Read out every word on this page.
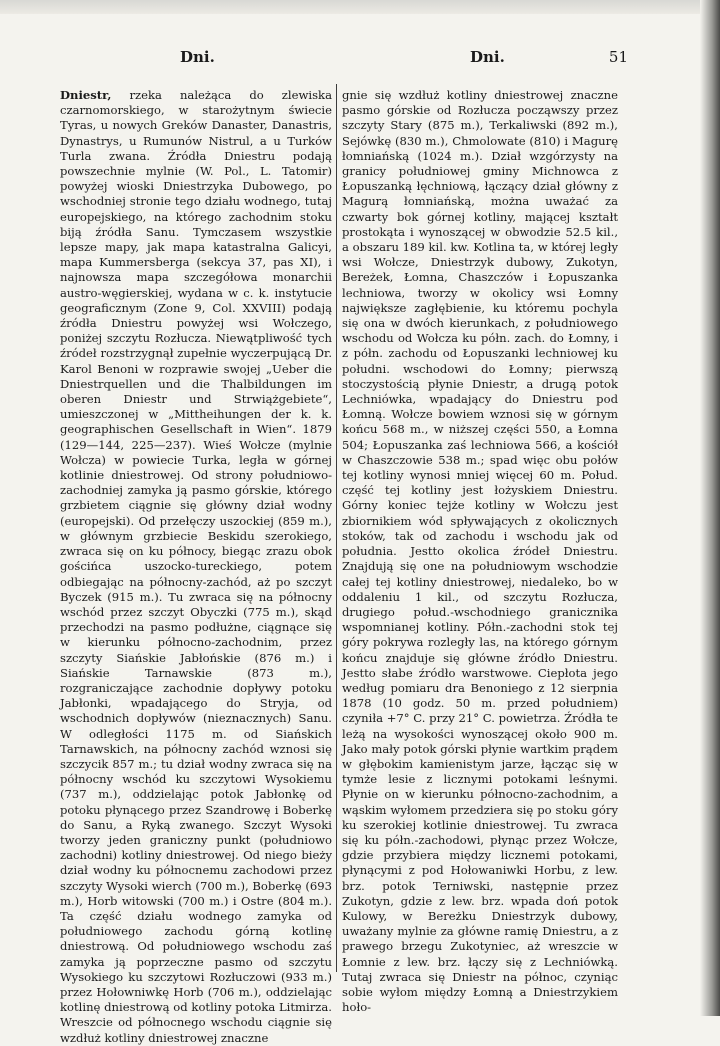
Dni.	Dni.	51

Dniestr, rzeka należąca do zlewiska czarnomorskiego, w starożytnym świecie Tyras, u nowych Greków Danaster, Danastris, Dynastrys, u Rumunów Nistrul, a u Turków Turla zwana. Źródła Dniestru podają powszechnie mylnie (W. Pol., L. Tatomir) powyżej wioski Dniestrzyka Dubowego, po wschodniej stronie tego działu wodnego, tutaj europejskiego, na którego zachodnim stoku biją źródła Sanu. Tymczasem wszystkie lepsze mapy, jak mapa katastralna Galicyi, mapa Kummersberga (sekcya 37, pas XI), i najnowsza mapa szczegółowa monarchii austro-węgierskiej, wydana w c. k. instytucie geograficznym (Zone 9, Col. XXVIII) podają źródła Dniestru powyżej wsi Wołczego, poniżej szczytu Rozłucza. Niewątpliwość tych źródeł rozstrzygnął zupełnie wyczerpującą Dr. Karol Benoni w rozprawie swojej „Ueber die Dniestrquellen und die Thalbildungen im oberen Dniestr und Strwiążgebiete“, umieszczonej w „Mittheihungen der k. k. geographischen Gesellschaft in Wien“. 1879 (129—144, 225—237). Wieś Wołcze (mylnie Wołcza) w powiecie Turka, legła w górnej kotlinie dniestrowej. Od strony południowo-zachodniej zamyka ją pasmo górskie, którego grzbietem ciągnie się główny dział wodny (europejski). Od przełęczy uszockiej (859 m.), w głównym grzbiecie Beskidu szerokiego, zwraca się on ku północy, biegąc zrazu obok gościńca uszocko-tureckiego, potem odbiegając na północny-zachód, aż po szczyt Byczek (915 m.). Tu zwraca się na północny wschód przez szczyt Obyczki (775 m.), skąd przechodzi na pasmo podłużne, ciągnące się w kierunku północno-zachodnim, przez szczyty Siańskie Jabłońskie (876 m.) i Siańskie Tarnawskie (873 m.), rozgraniczające zachodnie dopływy potoku Jabłonki, wpadającego do Stryja, od wschodnich dopływów (nieznacznych) Sanu. W odległości 1175 m. od Siańskich Tarnawskich, na północny zachód wznosi się szczycik 857 m.; tu dział wodny zwraca się na północny wschód ku szczytowi Wysokiemu (737 m.), oddzielając potok Jabłonkę od potoku płynącego przez Szandrowę i Boberkę do Sanu, a Ryką zwanego. Szczyt Wysoki tworzy jeden graniczny punkt (południowo zachodni) kotliny dniestrowej. Od niego bieży dział wodny ku północnemu zachodowi przez szczyty Wysoki wierch (700 m.), Boberkę (693 m.), Horb witowski (700 m.) i Ostre (804 m.). Ta część działu wodnego zamyka od południowego zachodu górną kotlinę dniestrową. Od południowego wschodu zaś zamyka ją poprzeczne pasmo od szczytu Wysokiego ku szczytowi Rozłuczowi (933 m.) przez Hołowniwkę Horb (706 m.), oddzielając kotlinę dniestrową od kotliny potoka Litmirza. Wreszcie od północnego wschodu ciągnie się wzdłuż kotliny dniestrowej znaczne

gnie się wzdłuż kotliny dniestrowej znaczne pasmo górskie od Rozłucza począwszy przez szczyty Stary (875 m.), Terkaliwski (892 m.), Sejówkę (830 m.), Chmolowate (810) i Magurę łomniańską (1024 m.). Dział wzgórzysty na granicy południowej gminy Michnowca z Łopuszanką łęchniową, łączący dział główny z Magurą łomniańską, można uważać za czwarty bok górnej kotliny, mającej kształt prostokąta i wynoszącej w obwodzie 52.5 kil., a obszaru 189 kil. kw. Kotlina ta, w której legły wsi Wołcze, Dniestrzyk dubowy, Zukotyn, Bereżek, Łomna, Chaszczów i Łopuszanka lechniowa, tworzy w okolicy wsi Łomny największe zagłębienie, ku któremu pochyla się ona w dwóch kierunkach, z południowego wschodu od Wołcza ku półn. zach. do Łomny, i z półn. zachodu od Łopuszanki lechniowej ku południ. wschodowi do Łomny; pierwszą stoczystością płynie Dniestr, a drugą potok Lechniówka, wpadający do Dniestru pod Łomną. Wołcze bowiem wznosi się w górnym końcu 568 m., w niższej części 550, a Łomna 504; Łopuszanka zaś lechniowa 566, a kościół w Chaszczowie 538 m.; spad więc obu połów tej kotliny wynosi mniej więcej 60 m. Połud. część tej kotliny jest łożyskiem Dniestru. Górny koniec tejże kotliny w Wołczu jest zbiornikiem wód spływających z okolicznych stoków, tak od zachodu i wschodu jak od południa. Jestto okolica źródeł Dniestru. Znajdują się one na południowym wschodzie całej tej kotliny dniestrowej, niedaleko, bo w oddaleniu 1 kil., od szczytu Rozłucza, drugiego połud.-wschodniego granicznika wspomnianej kotliny. Półn.-zachodni stok tej góry pokrywa rozległy las, na którego górnym końcu znajduje się główne źródło Dniestru. Jestto słabe źródło warstwowe. Ciepłota jego według pomiaru dra Benoniego z 12 sierpnia 1878 (10 godz. 50 m. przed południem) czyniła +7° C. przy 21° C. powietrza. Źródła te leżą na wysokości wynoszącej około 900 m. Jako mały potok górski płynie wartkim prądem w głębokim kamienistym jarze, łącząc się w tymże lesie z licznymi potokami leśnymi. Płynie on w kierunku północno-zachodnim, a wąskim wyłomem przedziera się po stoku góry ku szerokiej kotlinie dniestrowej. Tu zwraca się ku półn.-zachodowi, płynąc przez Wołcze, gdzie przybiera między licznemi potokami, płynącymi z pod Hołowaniwki Horbu, z lew. brz. potok Terniwski, następnie przez Zukotyn, gdzie z lew. brz. wpada doń potok Kulowy, w Bereżku Dniestrzyk dubowy, uważany mylnie za główne ramię Dniestru, a z prawego brzegu Zukotyniec, aż wreszcie w Łomnie z lew. brz. łączy się z Lechniówką. Tutaj zwraca się Dniestr na północ, czyniąc sobie wyłom między Łomną a Dniestrzykiem hoło-
